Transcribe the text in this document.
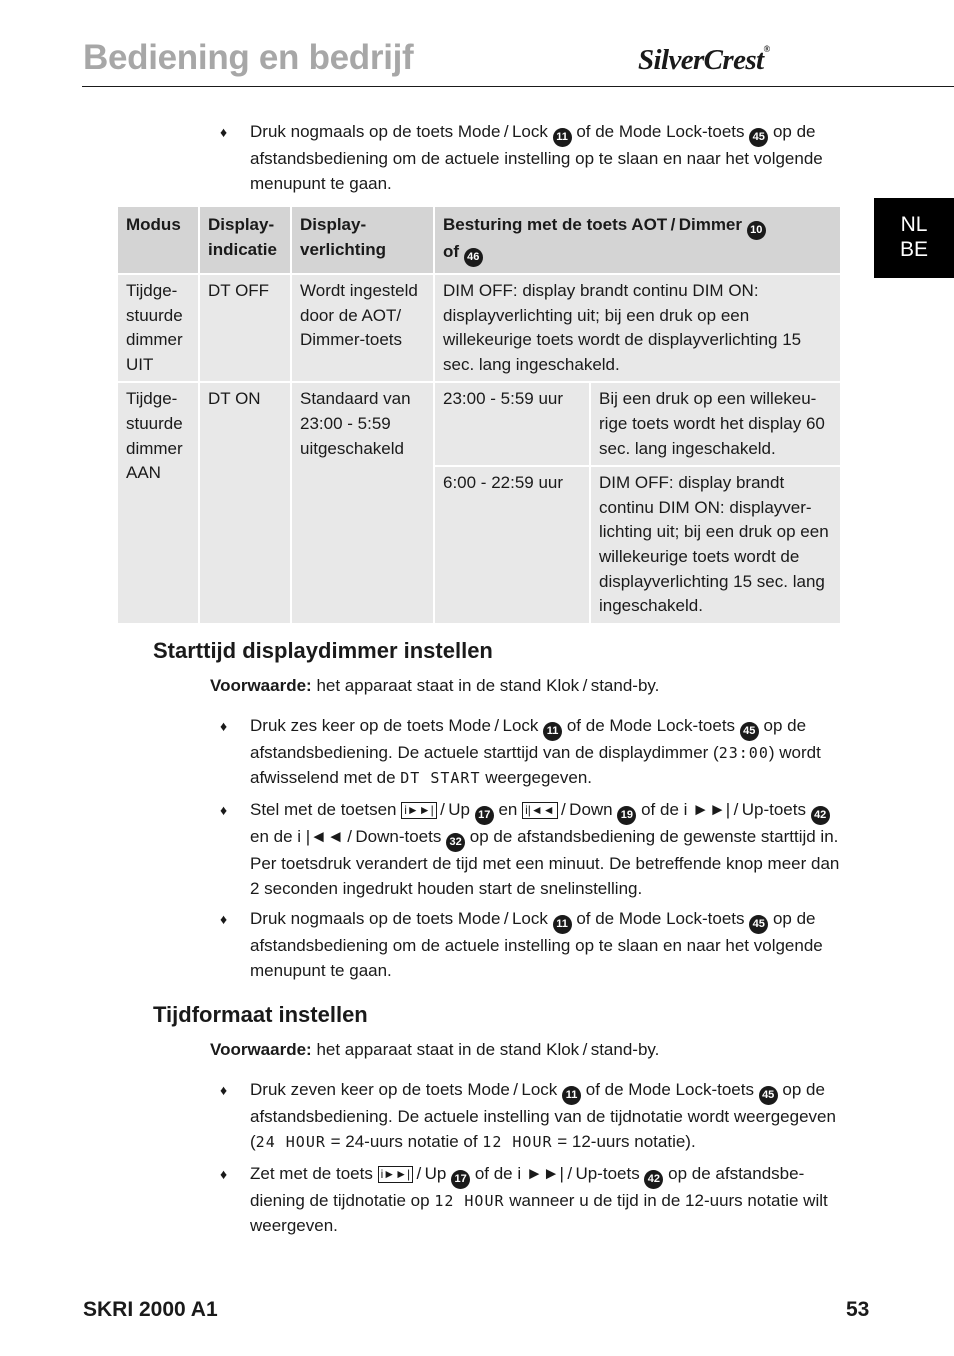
Bediening en bedrijf	SilverCrest®
NL
BE
♦ Druk nogmaals op de toets Mode / Lock 11 of de Mode Lock-toets 45 op de afstandsbediening om de actuele instelling op te slaan en naar het volgende menupunt te gaan.
Modus	Display-indicatie	Display-verlichting	Besturing met de toets AOT / Dimmer 10
of 46	
Tijdge-stuurde dimmer UIT	DT OFF	Wordt ingesteld door de AOT/ Dimmer-toets	DIM OFF: display brandt continu DIM ON: displayverlichting uit; bij een druk op een willekeurige toets wordt de displayverlichting 15 sec. lang ingeschakeld.	
Tijdge-stuurde dimmer AAN	DT ON	Standaard van 23:00 - 5:59 uitgeschakeld	23:00 - 5:59 uur	Bij een druk op een willekeu-rige toets wordt het display 60 sec. lang ingeschakeld.
			6:00 - 22:59 uur	DIM OFF: display brandt continu DIM ON: displayver-lichting uit; bij een druk op een willekeurige toets wordt de displayverlichting 15 sec. lang ingeschakeld.
Starttijd displaydimmer instellen
Voorwaarde: het apparaat staat in de stand Klok / stand-by.
♦ Druk zes keer op de toets Mode / Lock 11 of de Mode Lock-toets 45 op de afstandsbediening. De actuele starttijd van de displaydimmer (23:00) wordt afwisselend met de DT START weergegeven.
♦ Stel met de toetsen i►►| / Up 17 en i|◄◄ / Down 19 of de i ►►| / Up-toets 42 en de i |◄◄ / Down-toets 32 op de afstandsbediening de gewenste starttijd in. Per toetsdruk verandert de tijd met een minuut. De betreffende knop meer dan 2 seconden ingedrukt houden start de snelinstelling.
♦ Druk nogmaals op de toets Mode / Lock 11 of de Mode Lock-toets 45 op de afstandsbediening om de actuele instelling op te slaan en naar het volgende menupunt te gaan.
Tijdformaat instellen
Voorwaarde: het apparaat staat in de stand Klok / stand-by.
♦ Druk zeven keer op de toets Mode / Lock 11 of de Mode Lock-toets 45 op de afstandsbediening. De actuele instelling van de tijdnotatie wordt weergegeven (24 HOUR = 24-uurs notatie of 12 HOUR = 12-uurs notatie).
♦ Zet met de toets i►►| / Up 17 of de i ►►| / Up-toets 42 op de afstandsbe-diening de tijdnotatie op 12 HOUR wanneer u de tijd in de 12-uurs notatie wilt weergeven.
SKRI 2000 A1	53
